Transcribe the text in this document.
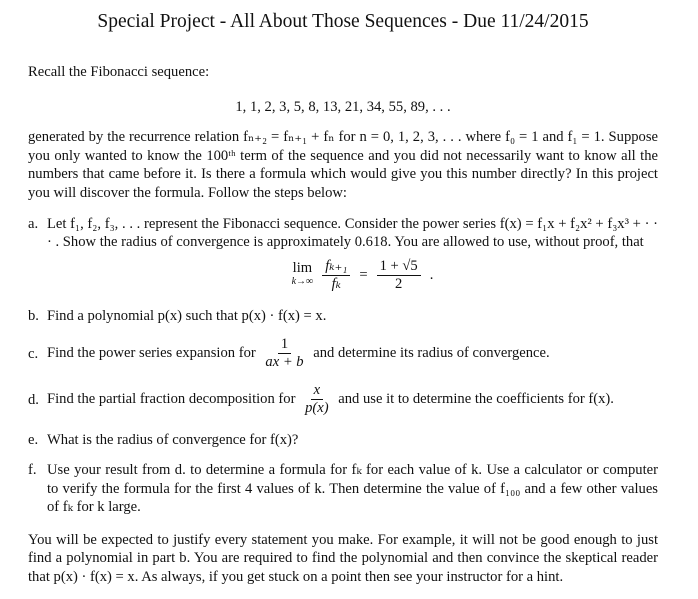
Special Project - All About Those Sequences - Due 11/24/2015

Recall the Fibonacci sequence:

1, 1, 2, 3, 5, 8, 13, 21, 34, 55, 89, . . .

generated by the recurrence relation fₙ₊₂ = fₙ₊₁ + fₙ for n = 0, 1, 2, 3, . . . where f₀ = 1 and f₁ = 1. Suppose you only wanted to know the 100ᵗʰ term of the sequence and you did not necessarily want to know all the numbers that came before it. Is there a formula which would give you this number directly? In this project you will discover the formula. Follow the steps below:

a. Let f₁, f₂, f₃, . . . represent the Fibonacci sequence. Consider the power series f(x) = f₁x + f₂x² + f₃x³ + · · · . Show the radius of convergence is approximately 0.618. You are allowed to use, without proof, that
lim
$k\to\infty \frac{\text{fₖ₊₁}}{\text{fₖ}} = \frac{1 + √5}{2}$ .
b. Find a polynomial p(x) such that p(x) · f(x) = x.
c. Find the power series expansion for $\frac{1}{ax + b}$ and determine its radius of convergence.
d. Find the partial fraction decomposition for $\frac{x}{p(x)}$ and use it to determine the coefficients for f(x).
e. What is the radius of convergence for f(x)?
f. Use your result from d. to determine a formula for fₖ for each value of k. Use a calculator or computer to verify the formula for the first 4 values of k. Then determine the value of f₁₀₀ and a few other values of fₖ for k large.

You will be expected to justify every statement you make. For example, it will not be good enough to just find a polynomial in part b. You are required to find the polynomial and then convince the skeptical reader that p(x) · f(x) = x. As always, if you get stuck on a point then see your instructor for a hint.
